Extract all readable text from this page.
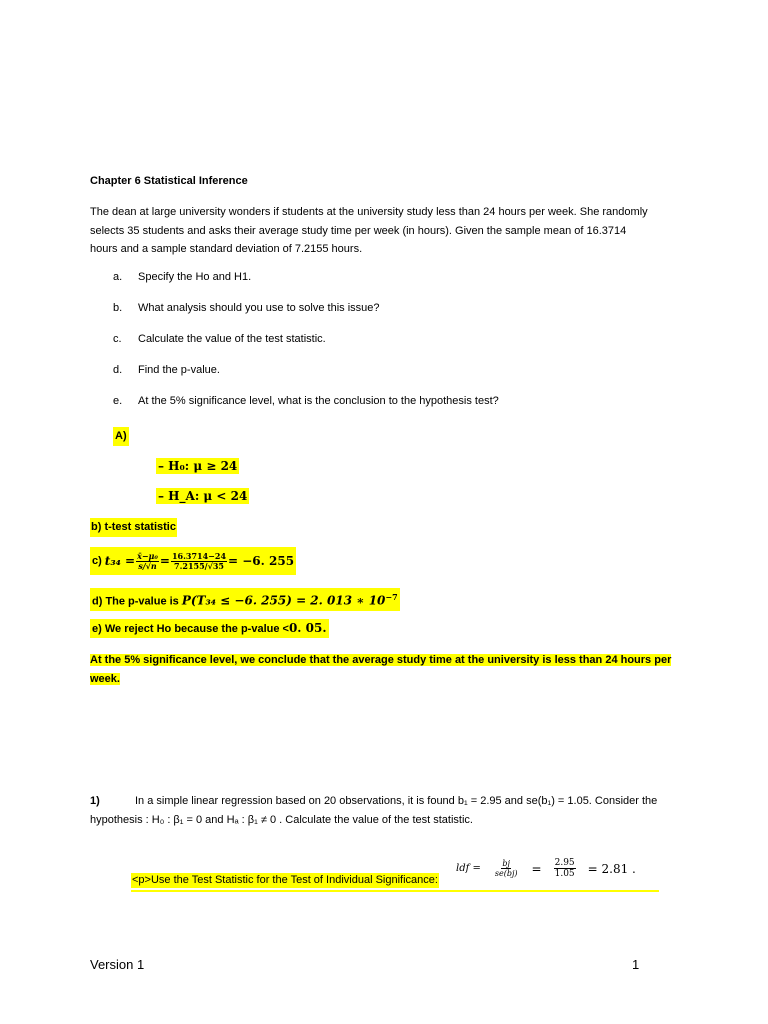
Chapter 6 Statistical Inference
The dean at large university wonders if students at the university study less than 24 hours per week. She randomly
selects 35 students and asks their average study time per week (in hours). Given the sample mean of 16.3714
hours and a sample standard deviation of 7.2155 hours.
a. Specify the Ho and H1.
b. What analysis should you use to solve this issue?
c. Calculate the value of the test statistic.
d. Find the p-value.
e. At the 5% significance level, what is the conclusion to the hypothesis test?
A)
– H₀: μ ≥ 24
– H_A: μ < 24
b) t-test statistic
c) $t_{34} = \frac{\text{x̄−μ₀}}{s/√n} = \frac{16.3714-24}{7.2155/√35} = -6$. 255
d) The p-value is P(T₃₄ ≤ −6. 255) = 2. 013 ∗ $10^{-7}$
e) We reject Ho because the p-value <0. 05.
At the 5% significance level, we conclude that the average study time at the university is less than 24 hours per
week.
1)	In a simple linear regression based on 20 observations, it is found b₁ = 2.95 and se(b₁) = 1.05. Consider the
hypothesis : H₀ : β₁ = 0 and Hₐ : β₁ ≠ 0 . Calculate the value of the test statistic.
<p>Use the Test Statistic for the Test of Individual Significance:
ldf = $\frac{bj}{se(bj)} = \frac{2.95}{1.05} = 2.81$ .
Version 1	1
